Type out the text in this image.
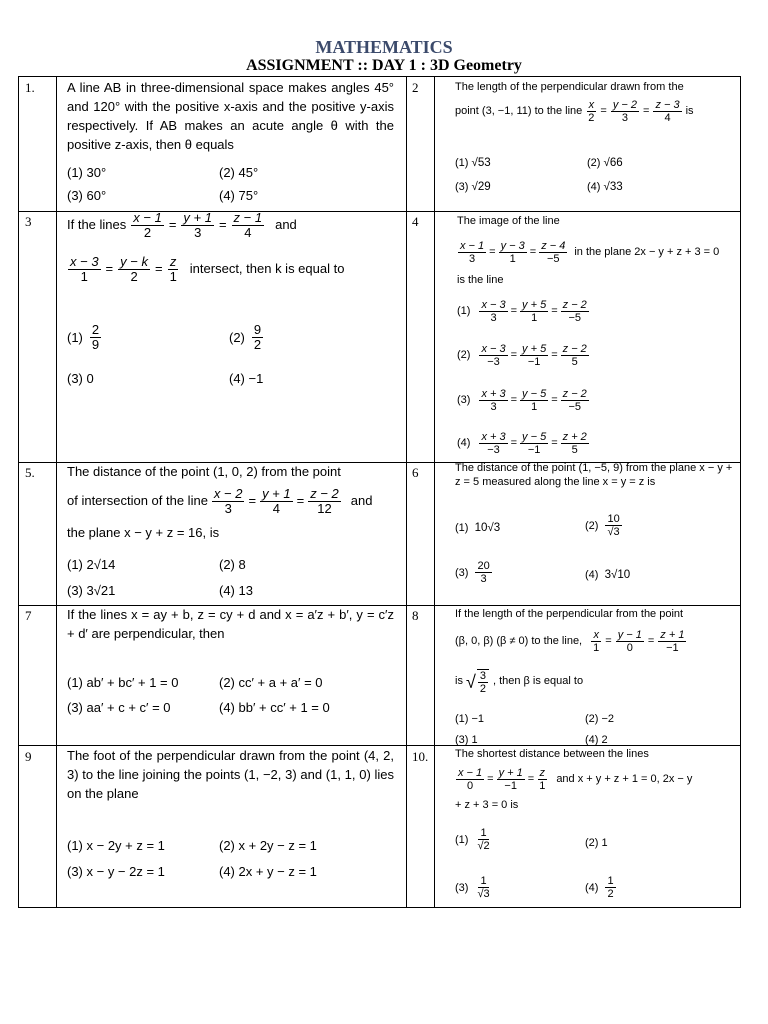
MATHEMATICS
ASSIGNMENT :: DAY 1 : 3D Geometry
1. A line AB in three-dimensional space makes angles 45° and 120° with the positive x-axis and the positive y-axis respectively. If AB makes an acute angle θ with the positive z-axis, then θ equals
(1) 30°	(2) 45°
(3) 60°	(4) 75°
2	The length of the perpendicular drawn from the
point (3, −1, 11) to the line $\frac{x}{2} = \frac{y - 2}{3} = \frac{z - 3}{4}$ is
(1) √53	(2) √66
(3) √29	(4) √33
3	If the lines $\frac{x - 1}{2} = \frac{y + 1}{3} = \frac{z - 1}{4}$ and
$\frac{x - 3}{1} = \frac{y - k}{2} = \frac{z}{1}$ intersect, then k is equal to
$(1) \frac{2}{9}$	$(2) \frac{9}{2}$
(3) 0	(4) −1
4	The image of the line
$\frac{x - 1}{3} = \frac{y - 3}{1} = \frac{z - 4}{-5}$ in the plane 2x − y + z + 3 = 0
is the line
$(1) \frac{x - 3}{3} = \frac{y + 5}{1} = \frac{z - 2}{-5}$
$(2) \frac{x - 3}{-3} = \frac{y + 5}{-1} = \frac{z - 2}{5}$
$(3) \frac{x + 3}{3} = \frac{y - 5}{1} = \frac{z - 2}{-5}$
$(4) \frac{x + 3}{-3} = \frac{y - 5}{-1} = \frac{z + 2}{5}$
5. The distance of the point (1, 0, 2) from the point
of intersection of the line $\frac{x - 2}{3} = \frac{y + 1}{4} = \frac{z - 2}{12}$ and
the plane x − y + z = 16, is
(1) 2√14	(2) 8
(3) 3√21	(4) 13
6	The distance of the point (1, −5, 9) from the plane x − y + z = 5 measured along the line x = y = z is
(1) 10√3	$(2) \frac{10}{√3}$
$(3) \frac{20}{3}$	(4) 3√10
7	If the lines x = ay + b, z = cy + d and x = a′z + b′, y = c′z + d′ are perpendicular, then
(1) ab′ + bc′ + 1 = 0	(2) cc′ + a + a′ = 0
(3) aa′ + c + c′ = 0	(4) bb′ + cc′ + 1 = 0
8	If the length of the perpendicular from the point
(β, 0, β) (β ≠ 0) to the line, $\frac{x}{1} = \frac{y - 1}{0} = \frac{z + 1}{-1}$
is √ $\frac{3}{2}$ , then β is equal to
(1) −1	(2) −2
(3) 1	(4) 2
9	The foot of the perpendicular drawn from the point (4, 2, 3) to the line joining the points (1, −2, 3) and (1, 1, 0) lies on the plane
(1) x − 2y + z = 1	(2) x + 2y − z = 1
(3) x − y − 2z = 1	(4) 2x + y − z = 1
10. The shortest distance between the lines
$\frac{x - 1}{0} = \frac{y + 1}{-1} = \frac{z}{1}$ and x + y + z + 1 = 0, 2x − y
+ z + 3 = 0 is
$(1) \frac{1}{√2}$	(2) 1
$(3) \frac{1}{√3}$	$(4) \frac{1}{2}$
